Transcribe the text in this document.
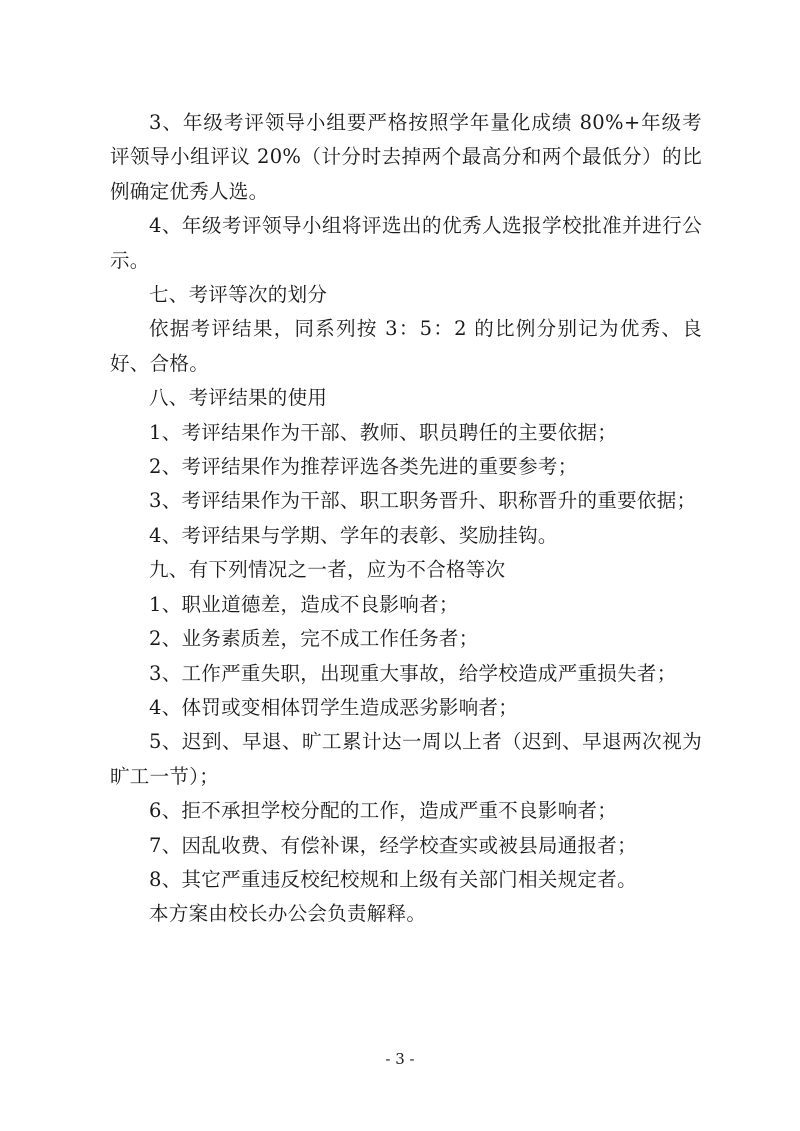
3、年级考评领导小组要严格按照学年量化成绩 80%+年级考评领导小组评议 20%（计分时去掉两个最高分和两个最低分）的比例确定优秀人选。

4、年级考评领导小组将评选出的优秀人选报学校批准并进行公示。

七、考评等次的划分

依据考评结果，同系列按 3：5：2 的比例分别记为优秀、良好、合格。

八、考评结果的使用

1、考评结果作为干部、教师、职员聘任的主要依据；

2、考评结果作为推荐评选各类先进的重要参考；

3、考评结果作为干部、职工职务晋升、职称晋升的重要依据；

4、考评结果与学期、学年的表彰、奖励挂钩。

九、有下列情况之一者，应为不合格等次

1、职业道德差，造成不良影响者；

2、业务素质差，完不成工作任务者；

3、工作严重失职，出现重大事故，给学校造成严重损失者；

4、体罚或变相体罚学生造成恶劣影响者；

5、迟到、早退、旷工累计达一周以上者（迟到、早退两次视为旷工一节）；

6、拒不承担学校分配的工作，造成严重不良影响者；

7、因乱收费、有偿补课，经学校查实或被县局通报者；

8、其它严重违反校纪校规和上级有关部门相关规定者。

本方案由校长办公会负责解释。

- 3 -
